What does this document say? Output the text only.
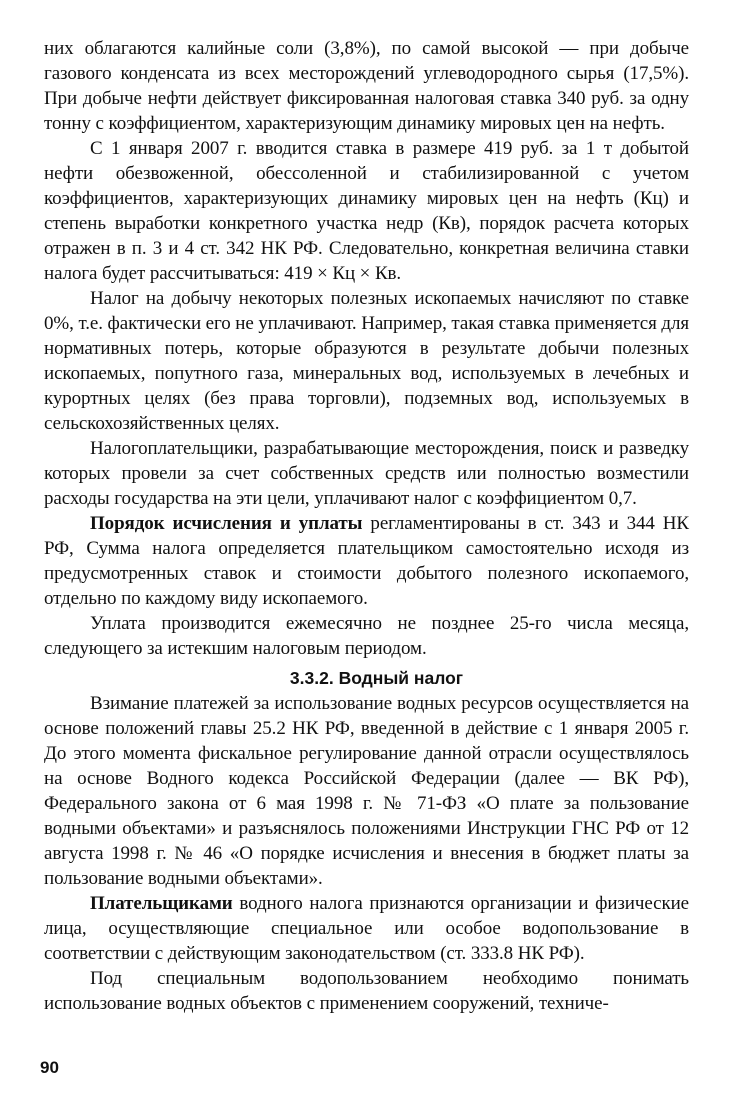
них облагаются калийные соли (3,8%), по самой высокой — при добыче газового конденсата из всех месторождений углеводородного сырья (17,5%). При добыче нефти действует фиксированная налоговая ставка 340 руб. за одну тонну с коэффициентом, характеризующим динамику мировых цен на нефть.

С 1 января 2007 г. вводится ставка в размере 419 руб. за 1 т добытой нефти обезвоженной, обессоленной и стабилизированной с учетом коэффициентов, характеризующих динамику мировых цен на нефть (Кц) и степень выработки конкретного участка недр (Кв), порядок расчета которых отражен в п. 3 и 4 ст. 342 НК РФ. Следовательно, конкретная величина ставки налога будет рассчитываться: 419 × Кц × Кв.

Налог на добычу некоторых полезных ископаемых начисляют по ставке 0%, т.е. фактически его не уплачивают. Например, такая ставка применяется для нормативных потерь, которые образуются в результате добычи полезных ископаемых, попутного газа, минеральных вод, используемых в лечебных и курортных целях (без права торговли), подземных вод, используемых в сельскохозяйственных целях.

Налогоплательщики, разрабатывающие месторождения, поиск и разведку которых провели за счет собственных средств или полностью возместили расходы государства на эти цели, уплачивают налог с коэффициентом 0,7.

Порядок исчисления и уплаты регламентированы в ст. 343 и 344 НК РФ, Сумма налога определяется плательщиком самостоятельно исходя из предусмотренных ставок и стоимости добытого полезного ископаемого, отдельно по каждому виду ископаемого.

Уплата производится ежемесячно не позднее 25-го числа месяца, следующего за истекшим налоговым периодом.

3.3.2. Водный налог

Взимание платежей за использование водных ресурсов осуществляется на основе положений главы 25.2 НК РФ, введенной в действие с 1 января 2005 г. До этого момента фискальное регулирование данной отрасли осуществлялось на основе Водного кодекса Российской Федерации (далее — ВК РФ), Федерального закона от 6 мая 1998 г. № 71-ФЗ «О плате за пользование водными объектами» и разъяснялось положениями Инструкции ГНС РФ от 12 августа 1998 г. № 46 «О порядке исчисления и внесения в бюджет платы за пользование водными объектами».

Плательщиками водного налога признаются организации и физические лица, осуществляющие специальное или особое водопользование в соответствии с действующим законодательством (ст. 333.8 НК РФ).

Под специальным водопользованием необходимо понимать использование водных объектов с применением сооружений, техниче-

90
